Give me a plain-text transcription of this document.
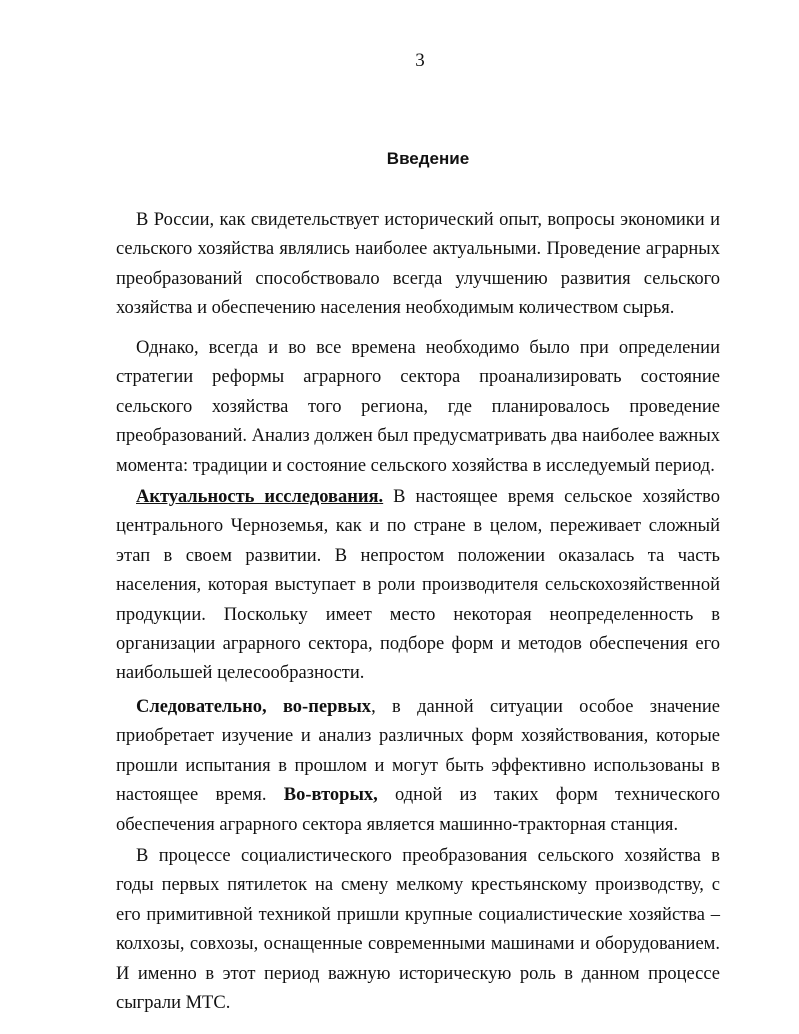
3
Введение

В России, как свидетельствует исторический опыт, вопросы экономики и сельского хозяйства являлись наиболее актуальными. Проведение аграрных преобразований способствовало всегда улучшению развития сельского хозяйства и обеспечению населения необходимым количеством сырья.

Однако, всегда и во все времена необходимо было при определении стратегии реформы аграрного сектора проанализировать состояние сельского хозяйства того региона, где планировалось проведение преобразований. Анализ должен был предусматривать два наиболее важных момента: традиции и состояние сельского хозяйства в исследуемый период.

Актуальность исследования. В настоящее время сельское хозяйство центрального Черноземья, как и по стране в целом, переживает сложный этап в своем развитии. В непростом положении оказалась та часть населения, которая выступает в роли производителя сельскохозяйственной продукции. Поскольку имеет место некоторая неопределенность в организации аграрного сектора, подборе форм и методов обеспечения его наибольшей целесообразности.

Следовательно, во-первых, в данной ситуации особое значение приобретает изучение и анализ различных форм хозяйствования, которые прошли испытания в прошлом и могут быть эффективно использованы в настоящее время. Во-вторых, одной из таких форм технического обеспечения аграрного сектора является машинно-тракторная станция.

В процессе социалистического преобразования сельского хозяйства в годы первых пятилеток на смену мелкому крестьянскому производству, с его примитивной техникой пришли крупные социалистические хозяйства – колхозы, совхозы, оснащенные современными машинами и оборудованием. И именно в этот период важную историческую роль в данном процессе сыграли МТС.
